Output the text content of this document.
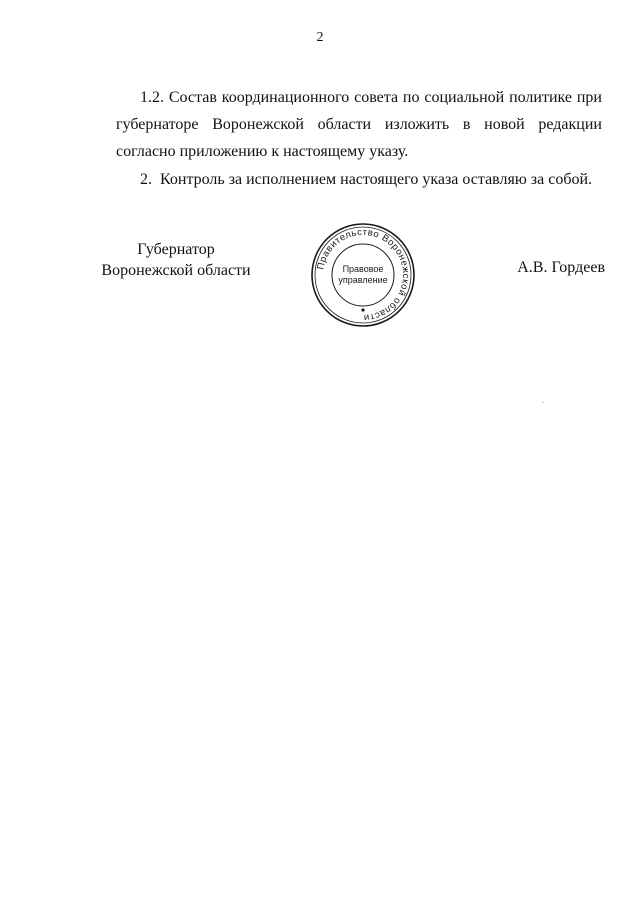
2

1.2. Состав координационного совета по социальной политике при губернаторе Воронежской области изложить в новой редакции согласно приложению к настоящему указу.

2.  Контроль за исполнением настоящего указа оставляю за собой.

Губернатор
Воронежской области	Правительство Воронежской области
Правовое
управление
А.В. Гордеев
